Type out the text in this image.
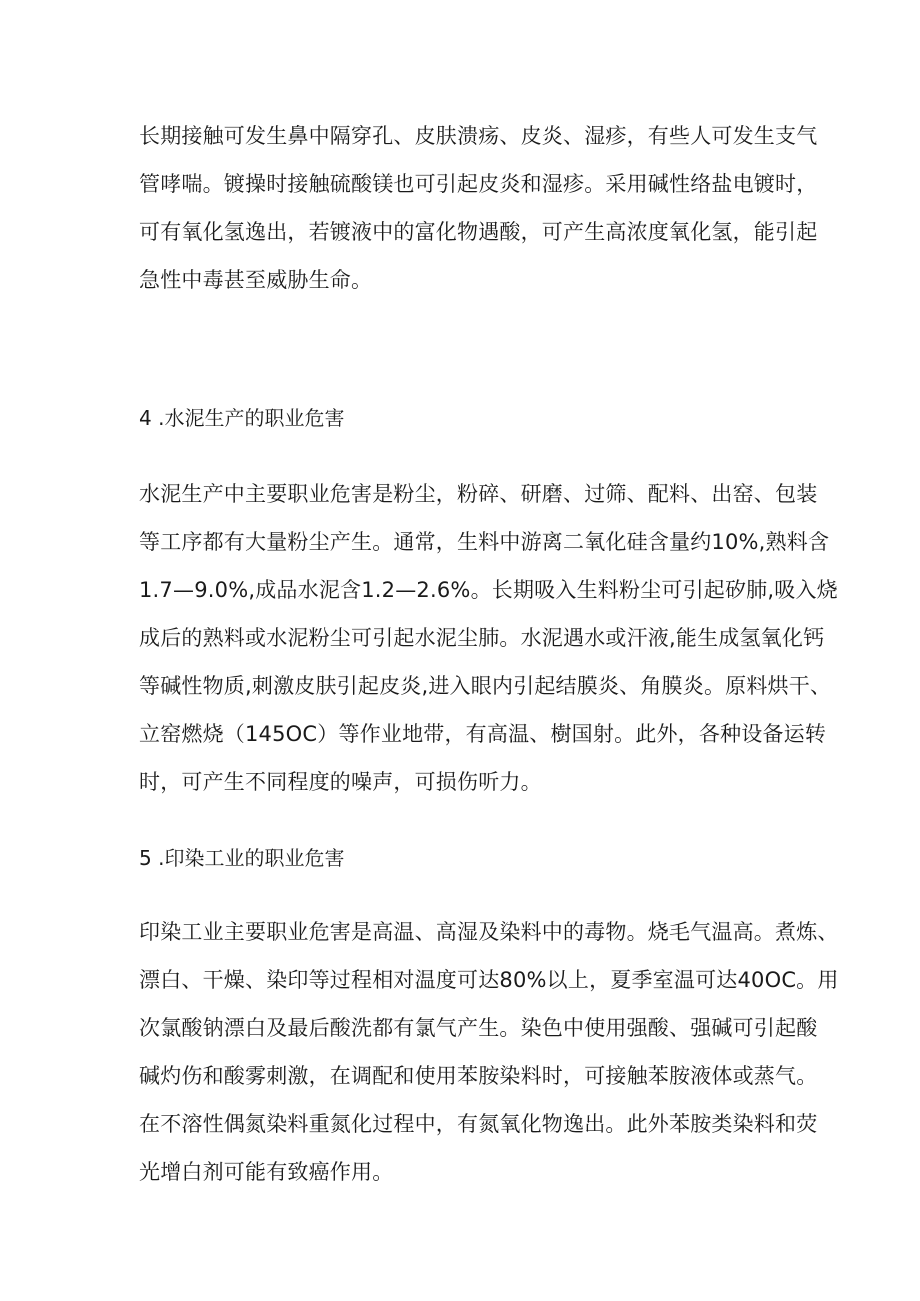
长期接触可发生鼻中隔穿孔、皮肤溃疡、皮炎、湿疹，有些人可发生支气
管哮喘。镀操时接触硫酸镁也可引起皮炎和湿疹。采用碱性络盐电镀时，
可有氧化氢逸出，若镀液中的富化物遇酸，可产生高浓度氧化氢，能引起
急性中毒甚至威胁生命。
4 .水泥生产的职业危害
水泥生产中主要职业危害是粉尘，粉碎、研磨、过筛、配料、出窑、包装
等工序都有大量粉尘产生。通常，生料中游离二氧化硅含量约10%,熟料含
1.7—9.0%,成品水泥含1.2—2.6%。长期吸入生料粉尘可引起矽肺,吸入烧
成后的熟料或水泥粉尘可引起水泥尘肺。水泥遇水或汗液,能生成氢氧化钙
等碱性物质,刺激皮肤引起皮炎,进入眼内引起结膜炎、角膜炎。原料烘干、
立窑燃烧（145OC）等作业地带，有高温、樹国射。此外，各种设备运转
时，可产生不同程度的噪声，可损伤听力。
5 .印染工业的职业危害
印染工业主要职业危害是高温、高湿及染料中的毒物。烧毛气温高。煮炼、
漂白、干燥、染印等过程相对温度可达80%以上，夏季室温可达40OC。用
次氯酸钠漂白及最后酸洗都有氯气产生。染色中使用强酸、强碱可引起酸
碱灼伤和酸雾刺激，在调配和使用苯胺染料时，可接触苯胺液体或蒸气。
在不溶性偶氮染料重氮化过程中，有氮氧化物逸出。此外苯胺类染料和荧
光增白剂可能有致癌作用。
